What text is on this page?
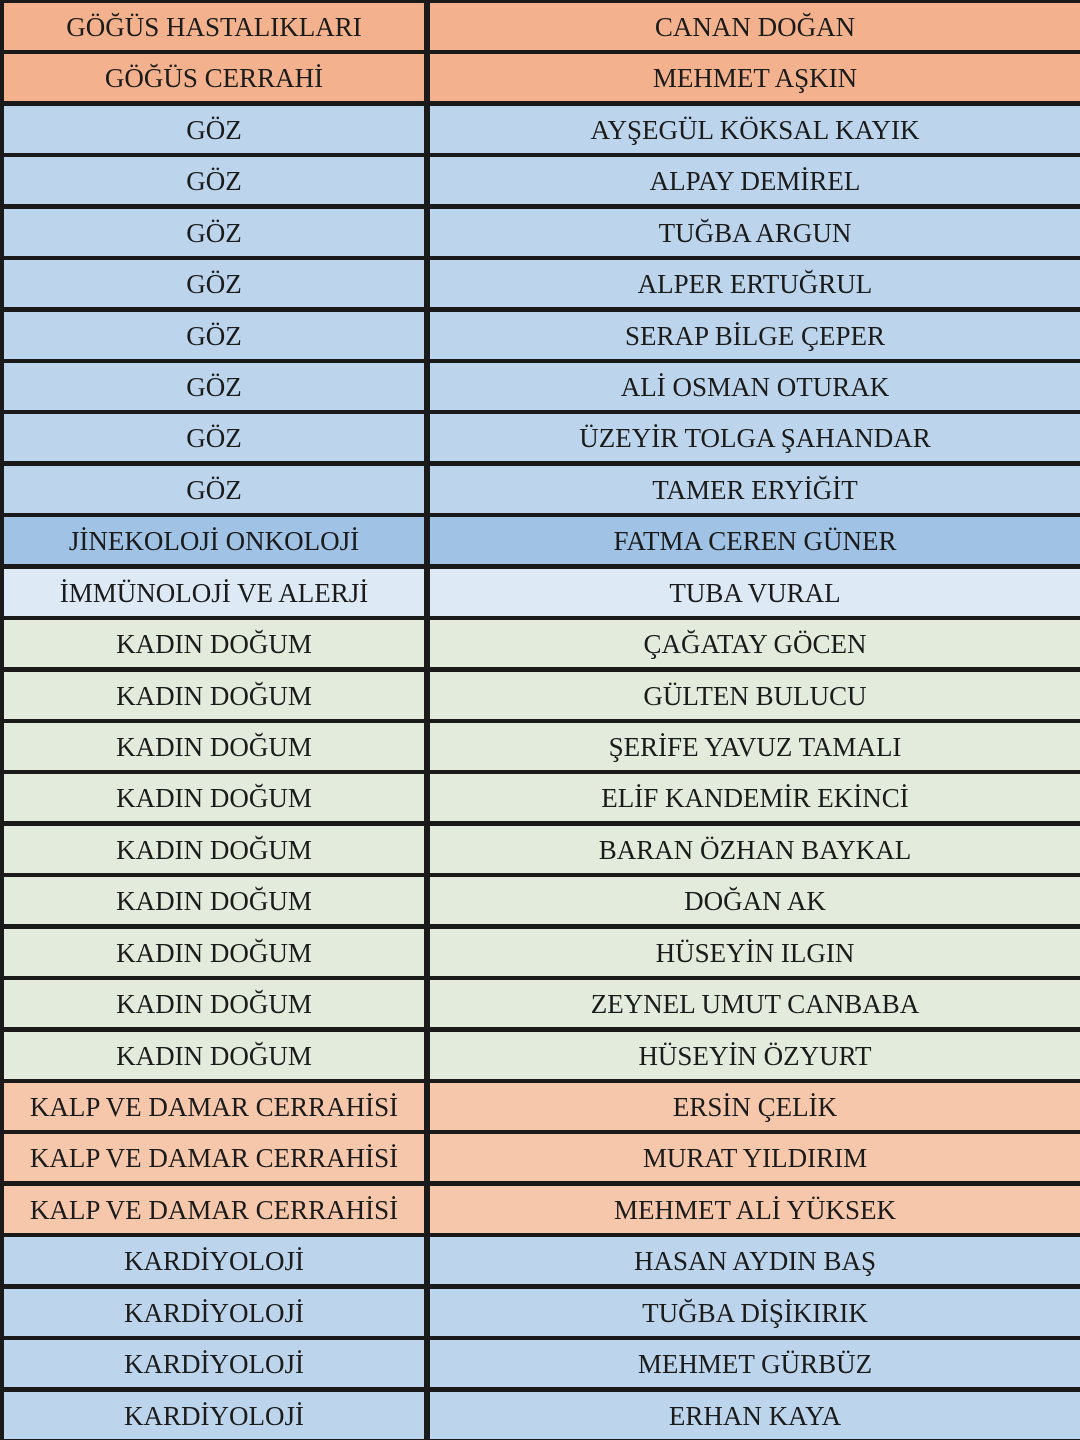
GÖĞÜS HASTALIKLARI	CANAN DOĞAN
GÖĞÜS CERRAHİ	MEHMET AŞKIN
GÖZ	AYŞEGÜL KÖKSAL KAYIK
GÖZ	ALPAY DEMİREL
GÖZ	TUĞBA ARGUN
GÖZ	ALPER ERTUĞRUL
GÖZ	SERAP BİLGE ÇEPER
GÖZ	ALİ OSMAN OTURAK
GÖZ	ÜZEYİR TOLGA ŞAHANDAR
GÖZ	TAMER ERYİĞİT
JİNEKOLOJİ ONKOLOJİ	FATMA CEREN GÜNER
İMMÜNOLOJİ VE ALERJİ	TUBA VURAL
KADIN DOĞUM	ÇAĞATAY GÖCEN
KADIN DOĞUM	GÜLTEN BULUCU
KADIN DOĞUM	ŞERİFE YAVUZ TAMALI
KADIN DOĞUM	ELİF KANDEMİR EKİNCİ
KADIN DOĞUM	BARAN ÖZHAN BAYKAL
KADIN DOĞUM	DOĞAN AK
KADIN DOĞUM	HÜSEYİN ILGIN
KADIN DOĞUM	ZEYNEL UMUT CANBABA
KADIN DOĞUM	HÜSEYİN ÖZYURT
KALP VE DAMAR CERRAHİSİ	ERSİN ÇELİK
KALP VE DAMAR CERRAHİSİ	MURAT YILDIRIM
KALP VE DAMAR CERRAHİSİ	MEHMET ALİ YÜKSEK
KARDİYOLOJİ	HASAN AYDIN BAŞ
KARDİYOLOJİ	TUĞBA DİŞİKIRIK
KARDİYOLOJİ	MEHMET GÜRBÜZ
KARDİYOLOJİ	ERHAN KAYA
